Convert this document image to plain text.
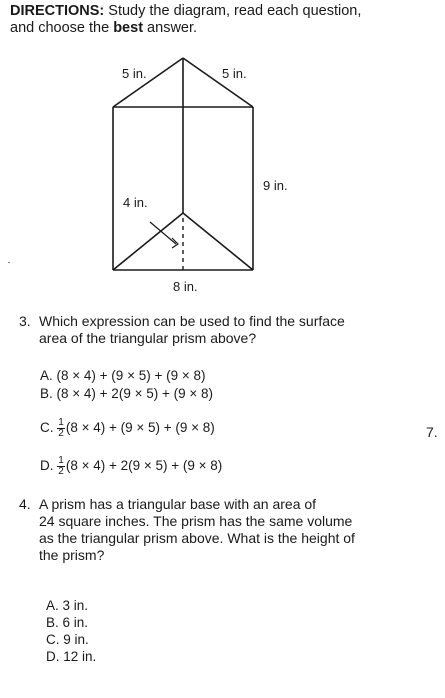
DIRECTIONS: Study the diagram, read each question,
and choose the best answer.
5 in.	5 in.
9 in.
4 in.
8 in.
3. Which expression can be used to find the surface
area of the triangular prism above?
A. (8 × 4) + (9 × 5) + (9 × 8)
B. (8 × 4) + 2(9 × 5) + (9 × 8)
C. $\frac{1}{2} (8 \times 4) + (9 \times 5) + (9 \times 8)$
D. $\frac{1}{2} (8 \times 4) + 2(9 \times 5) + (9 \times 8)$
7.
4. A prism has a triangular base with an area of
24 square inches. The prism has the same volume
as the triangular prism above. What is the height of
the prism?
A. 3 in.
B. 6 in.
C. 9 in.
D. 12 in.
